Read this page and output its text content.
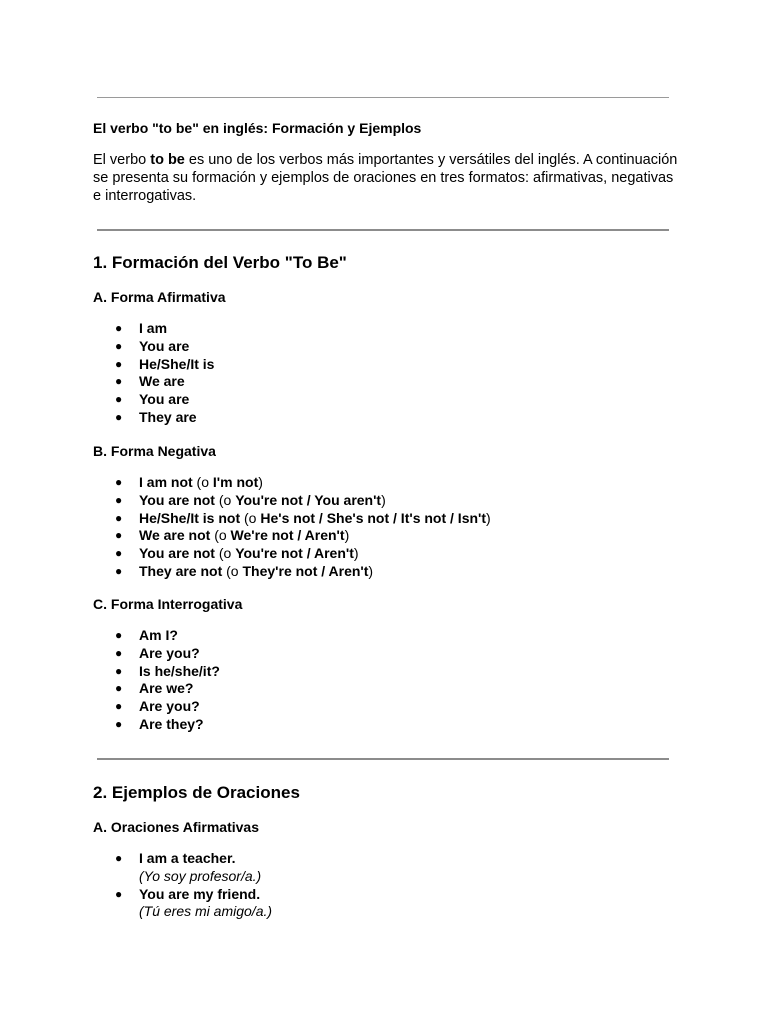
El verbo "to be" en inglés: Formación y Ejemplos
El verbo to be es uno de los verbos más importantes y versátiles del inglés. A continuación se presenta su formación y ejemplos de oraciones en tres formatos: afirmativas, negativas e interrogativas.
1. Formación del Verbo "To Be"
A. Forma Afirmativa
● I am
● You are
● He/She/It is
● We are
● You are
● They are
B. Forma Negativa
● I am not (o I'm not)
● You are not (o You're not / You aren't)
● He/She/It is not (o He's not / She's not / It's not / Isn't)
● We are not (o We're not / Aren't)
● You are not (o You're not / Aren't)
● They are not (o They're not / Aren't)
C. Forma Interrogativa
● Am I?
● Are you?
● Is he/she/it?
● Are we?
● Are you?
● Are they?
2. Ejemplos de Oraciones
A. Oraciones Afirmativas
● I am a teacher.
(Yo soy profesor/a.)
● You are my friend.
(Tú eres mi amigo/a.)
